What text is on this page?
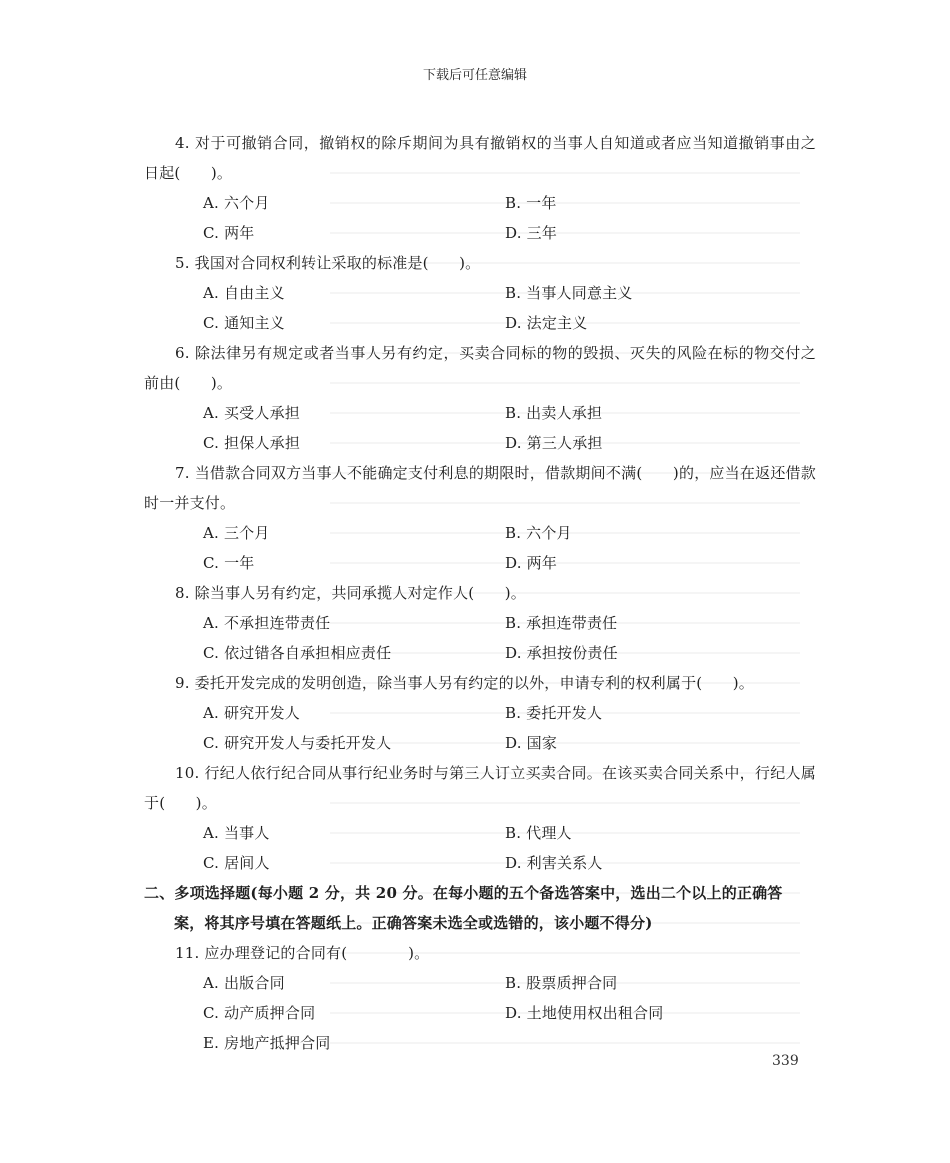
下载后可任意编辑

4. 对于可撤销合同，撤销权的除斥期间为具有撤销权的当事人自知道或者应当知道撤销事由之日起(　　)。

A. 六个月	B. 一年
C. 两年	D. 三年

5. 我国对合同权利转让采取的标准是(　　)。

A. 自由主义	B. 当事人同意主义
C. 通知主义	D. 法定主义

6. 除法律另有规定或者当事人另有约定，买卖合同标的物的毁损、灭失的风险在标的物交付之前由(　　)。

A. 买受人承担	B. 出卖人承担
C. 担保人承担	D. 第三人承担

7. 当借款合同双方当事人不能确定支付利息的期限时，借款期间不满(　　)的，应当在返还借款时一并支付。

A. 三个月	B. 六个月
C. 一年	D. 两年

8. 除当事人另有约定，共同承揽人对定作人(　　)。

A. 不承担连带责任	B. 承担连带责任
C. 依过错各自承担相应责任	D. 承担按份责任

9. 委托开发完成的发明创造，除当事人另有约定的以外，申请专利的权利属于(　　)。

A. 研究开发人	B. 委托开发人
C. 研究开发人与委托开发人	D. 国家

10. 行纪人依行纪合同从事行纪业务时与第三人订立买卖合同。在该买卖合同关系中，行纪人属于(　　)。

A. 当事人	B. 代理人
C. 居间人	D. 利害关系人

二、多项选择题(每小题 2 分，共 20 分。在每小题的五个备选答案中，选出二个以上的正确答
案，将其序号填在答题纸上。正确答案未选全或选错的，该小题不得分)

11. 应办理登记的合同有(　　　　)。

A. 出版合同	B. 股票质押合同
C. 动产质押合同	D. 土地使用权出租合同
E. 房地产抵押合同
339
